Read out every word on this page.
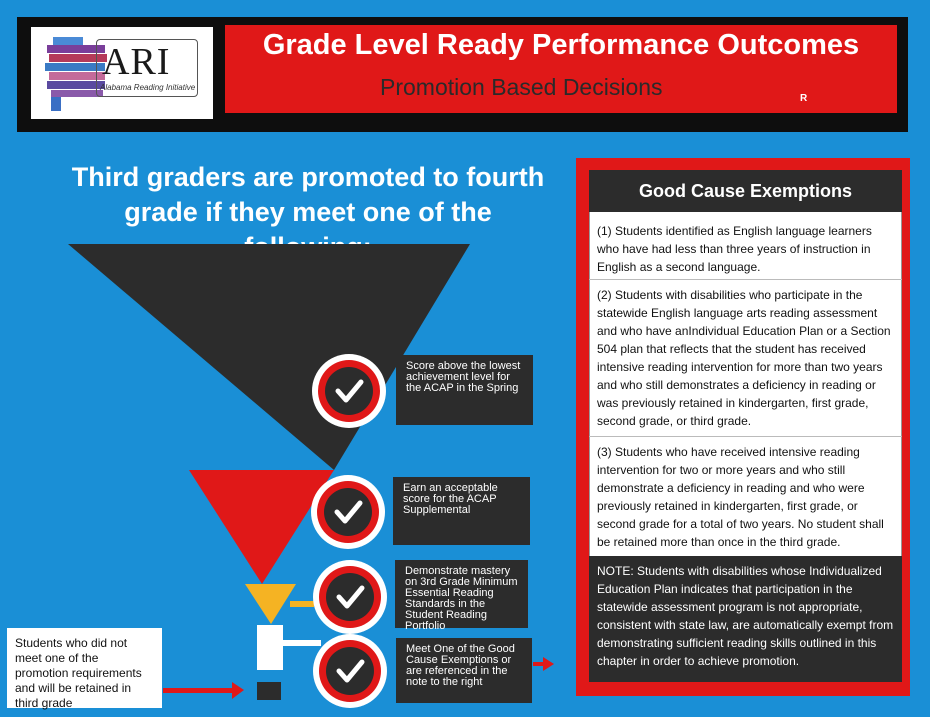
ARI
Alabama Reading Initiative
Grade Level Ready Performance Outcomes
Promotion Based Decisions	R
Third graders are promoted to fourth grade if they meet one of the
Score above the lowest achievement level for the ACAP in the Spring
Earn an acceptable score for the ACAP Supplemental
Demonstrate mastery on 3rd Grade Minimum Essential Reading Standards in the Student Reading Portfolio
Meet One of the Good Cause Exemptions or are referenced in the note to the right
Students who did not meet one of the promotion requirements and will be retained in third grade
Good Cause Exemptions
(1) Students identified as English language learners who have had less than three years of instruction in English as a second language.
(2) Students with disabilities who participate in the statewide English language arts reading assessment and who have anIndividual Education Plan or a Section 504 plan that reflects that the student has received intensive reading intervention for more than two years and who still demonstrates a deficiency in reading or was previously retained in kindergarten, first grade, second grade, or third grade.
(3) Students who have received intensive reading intervention for two or more years and who still demonstrate a deficiency in reading and who were previously retained in kindergarten, first grade, or second grade for a total of two years. No student shall be retained more than once in the third grade.
NOTE: Students with disabilities whose Individualized Education Plan indicates that participation in the statewide assessment program is not appropriate, consistent with state law, are automatically exempt from demonstrating sufficient reading skills outlined in this chapter in order to achieve promotion.
